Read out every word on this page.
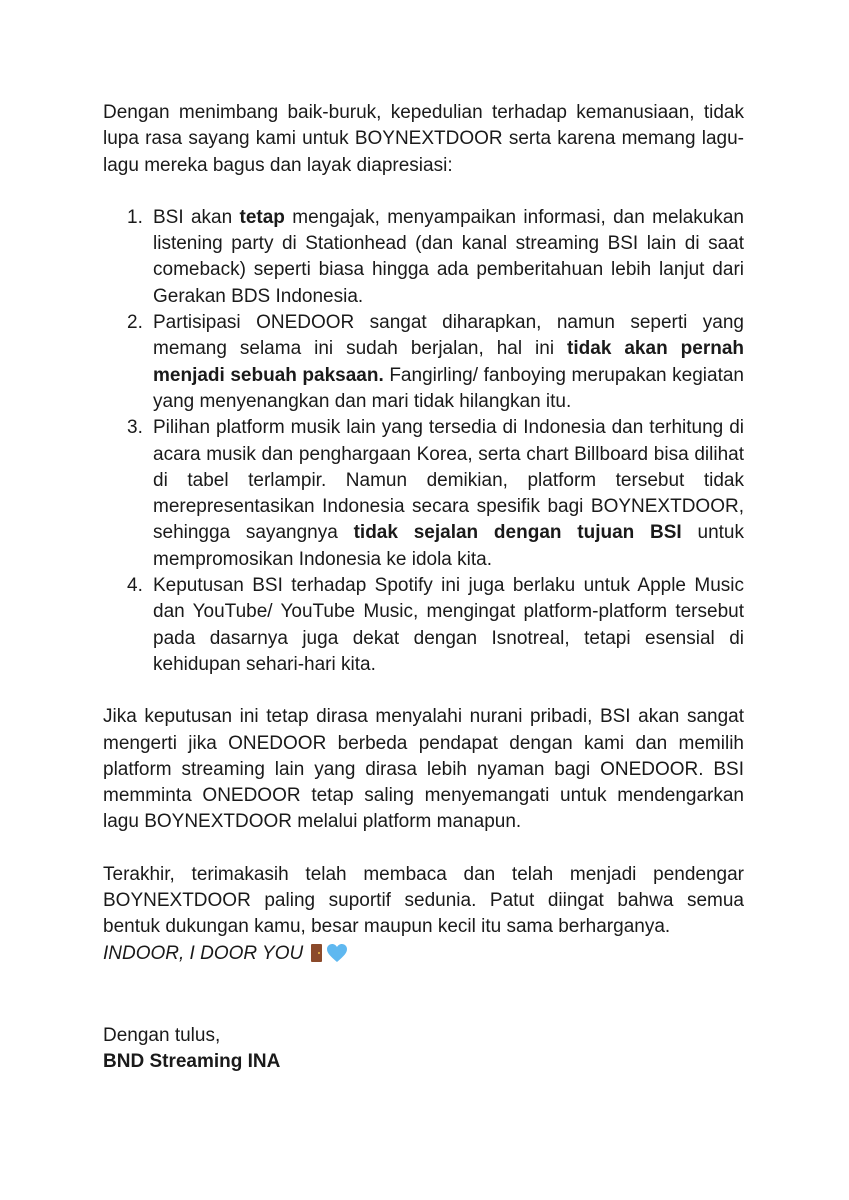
Dengan menimbang baik-buruk, kepedulian terhadap kemanusiaan, tidak lupa rasa sayang kami untuk BOYNEXTDOOR serta karena memang lagu-lagu mereka bagus dan layak diapresiasi:

1. BSI akan tetap mengajak, menyampaikan informasi, dan melakukan listening party di Stationhead (dan kanal streaming BSI lain di saat comeback) seperti biasa hingga ada pemberitahuan lebih lanjut dari Gerakan BDS Indonesia.
2. Partisipasi ONEDOOR sangat diharapkan, namun seperti yang memang selama ini sudah berjalan, hal ini tidak akan pernah menjadi sebuah paksaan. Fangirling/ fanboying merupakan kegiatan yang menyenangkan dan mari tidak hilangkan itu.
3. Pilihan platform musik lain yang tersedia di Indonesia dan terhitung di acara musik dan penghargaan Korea, serta chart Billboard bisa dilihat di tabel terlampir. Namun demikian, platform tersebut tidak merepresentasikan Indonesia secara spesifik bagi BOYNEXTDOOR, sehingga sayangnya tidak sejalan dengan tujuan BSI untuk mempromosikan Indonesia ke idola kita.
4. Keputusan BSI terhadap Spotify ini juga berlaku untuk Apple Music dan YouTube/ YouTube Music, mengingat platform-platform tersebut pada dasarnya juga dekat dengan Isnotreal, tetapi esensial di kehidupan sehari-hari kita.

Jika keputusan ini tetap dirasa menyalahi nurani pribadi, BSI akan sangat mengerti jika ONEDOOR berbeda pendapat dengan kami dan memilih platform streaming lain yang dirasa lebih nyaman bagi ONEDOOR. BSI memminta ONEDOOR tetap saling menyemangati untuk mendengarkan lagu BOYNEXTDOOR melalui platform manapun.

Terakhir, terimakasih telah membaca dan telah menjadi pendengar BOYNEXTDOOR paling suportif sedunia. Patut diingat bahwa semua bentuk dukungan kamu, besar maupun kecil itu sama berharganya.

INDOOR, I DOOR YOU
Dengan tulus,
BND Streaming INA
